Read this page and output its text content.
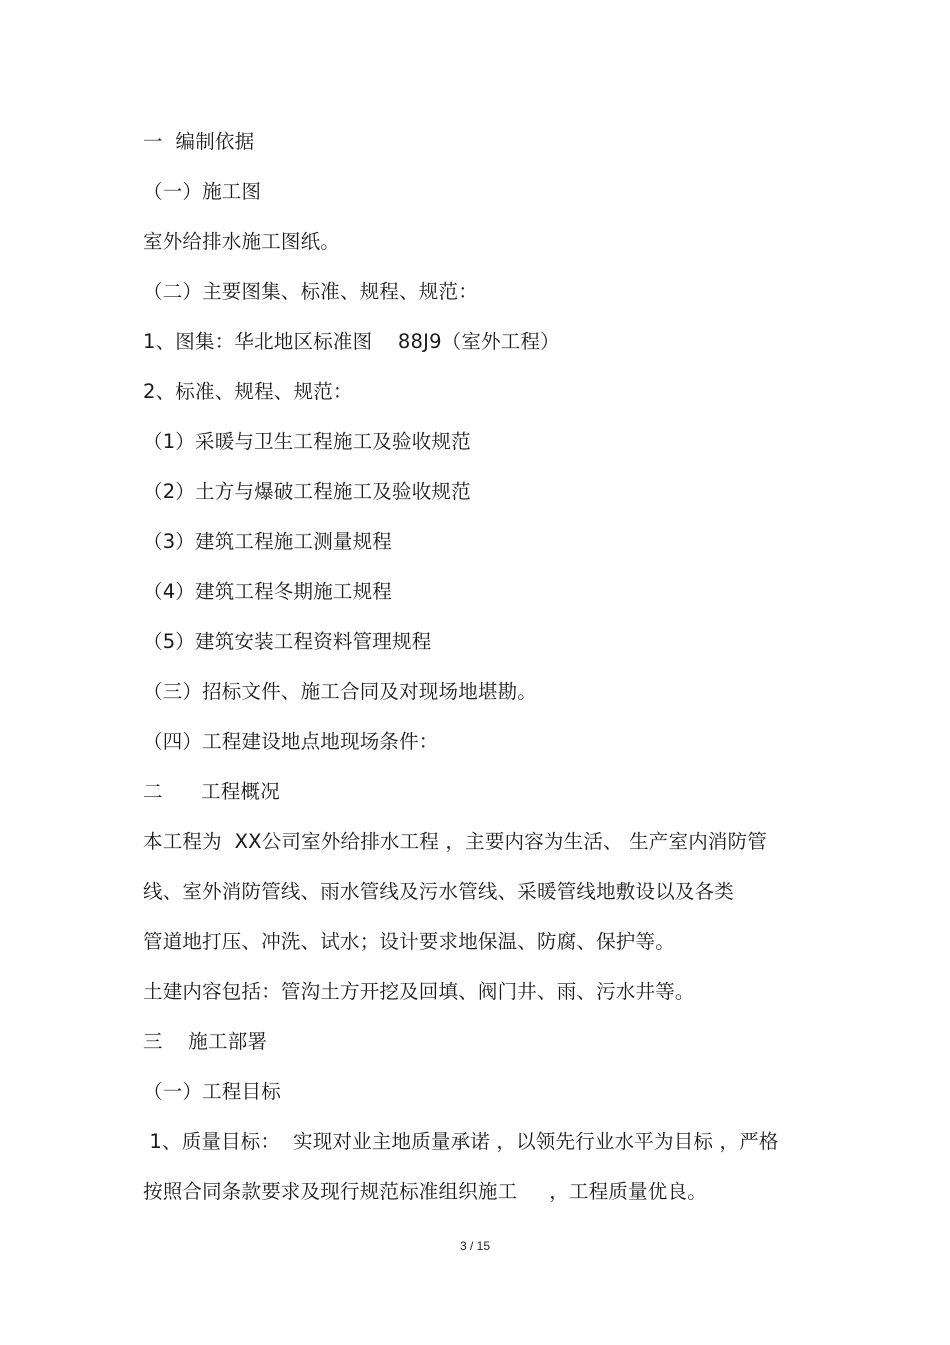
一  编制依据
（一）施工图
室外给排水施工图纸。
（二）主要图集、标准、规程、规范：
1、图集：华北地区标准图    88J9（室外工程）
2、标准、规程、规范：
（1）采暖与卫生工程施工及验收规范
（2）土方与爆破工程施工及验收规范
（3）建筑工程施工测量规程
（4）建筑工程冬期施工规程
（5）建筑安装工程资料管理规程
（三）招标文件、施工合同及对现场地堪勘。
（四）工程建设地点地现场条件：
二      工程概况
本工程为  XX公司室外给排水工程 ，主要内容为生活、 生产室内消防管
线、室外消防管线、雨水管线及污水管线、采暖管线地敷设以及各类
管道地打压、冲洗、试水；设计要求地保温、防腐、保护等。
土建内容包括：管沟土方开挖及回填、阀门井、雨、污水井等。
三    施工部署
（一）工程目标
1、质量目标：  实现对业主地质量承诺 ，以领先行业水平为目标 ，严格
按照合同条款要求及现行规范标准组织施工     ，工程质量优良。
3 / 15
